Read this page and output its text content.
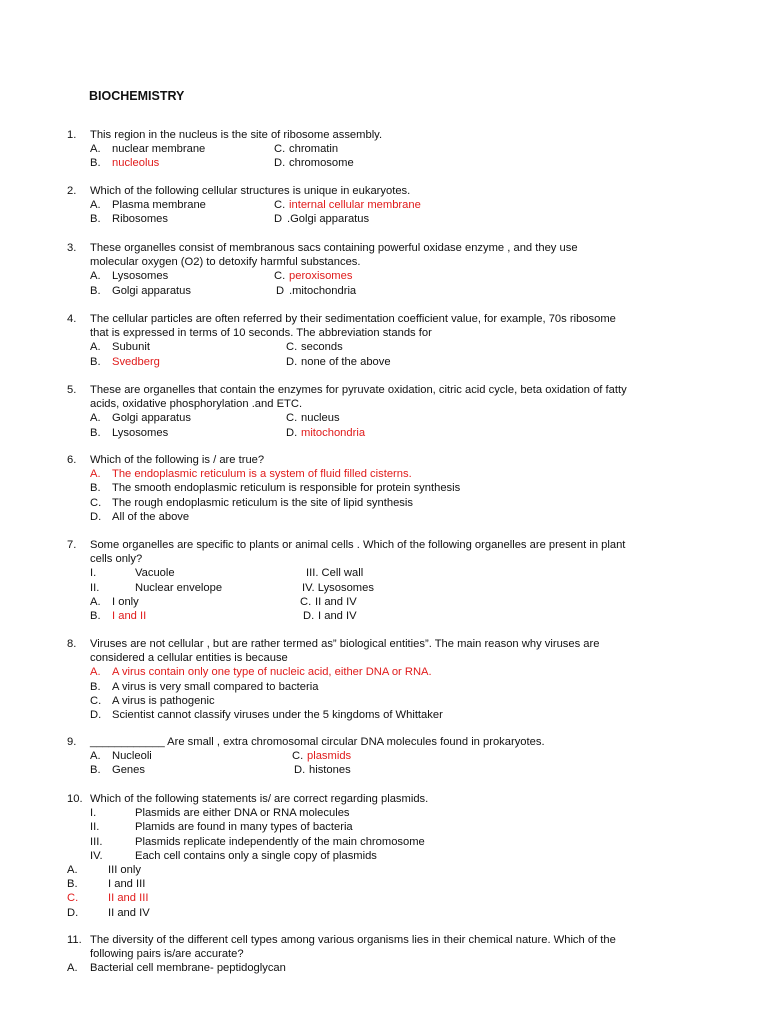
BIOCHEMISTRY
1. This region in the nucleus is the site of ribosome assembly.
A. nuclear membrane	C. chromatin
B. nucleolus	D. chromosome
2. Which of the following cellular structures is unique in eukaryotes.
A. Plasma membrane	C. internal cellular membrane
B. Ribosomes	D .Golgi apparatus
3. These organelles consist of membranous sacs containing powerful oxidase enzyme , and they use
molecular oxygen (O2) to detoxify harmful substances.
A. Lysosomes	C. peroxisomes
B. Golgi apparatus	D .mitochondria
4. The cellular particles are often referred by their sedimentation coefficient value, for example, 70s ribosome
that is expressed in terms of 10 seconds. The abbreviation stands for
A. Subunit	C. seconds
B. Svedberg	D. none of the above
5. These are organelles that contain the enzymes for pyruvate oxidation, citric acid cycle, beta oxidation of fatty
acids, oxidative phosphorylation .and ETC.
A. Golgi apparatus	C. nucleus
B. Lysosomes	D. mitochondria
6. Which of the following is / are true?
A. The endoplasmic reticulum is a system of fluid filled cisterns.
B. The smooth endoplasmic reticulum is responsible for protein synthesis
C. The rough endoplasmic reticulum is the site of lipid synthesis
D. All of the above
7. Some organelles are specific to plants or animal cells . Which of the following organelles are present in plant
cells only?
I.	Vacuole	III. Cell wall
II.	Nuclear envelope	IV. Lysosomes
A. I only	C. II and IV
B. I and II	D. I and IV
8. Viruses are not cellular , but are rather termed as” biological entities”. The main reason why viruses are
considered a cellular entities is because
A. A virus contain only one type of nucleic acid, either DNA or RNA.
B. A virus is very small compared to bacteria
C. A virus is pathogenic
D. Scientist cannot classify viruses under the 5 kingdoms of Whittaker
9. ____________ Are small , extra chromosomal circular DNA molecules found in prokaryotes.
A. Nucleoli	C. plasmids
B. Genes	D. histones
10. Which of the following statements is/ are correct regarding plasmids.
I.	Plasmids are either DNA or RNA molecules
II.	Plamids are found in many types of bacteria
III.	Plasmids replicate independently of the main chromosome
IV.	Each cell contains only a single copy of plasmids
A.	III only
B.	I and III
C.	II and III
D.	II and IV
11. The diversity of the different cell types among various organisms lies in their chemical nature. Which of the
following pairs is/are accurate?
A. Bacterial cell membrane- peptidoglycan
